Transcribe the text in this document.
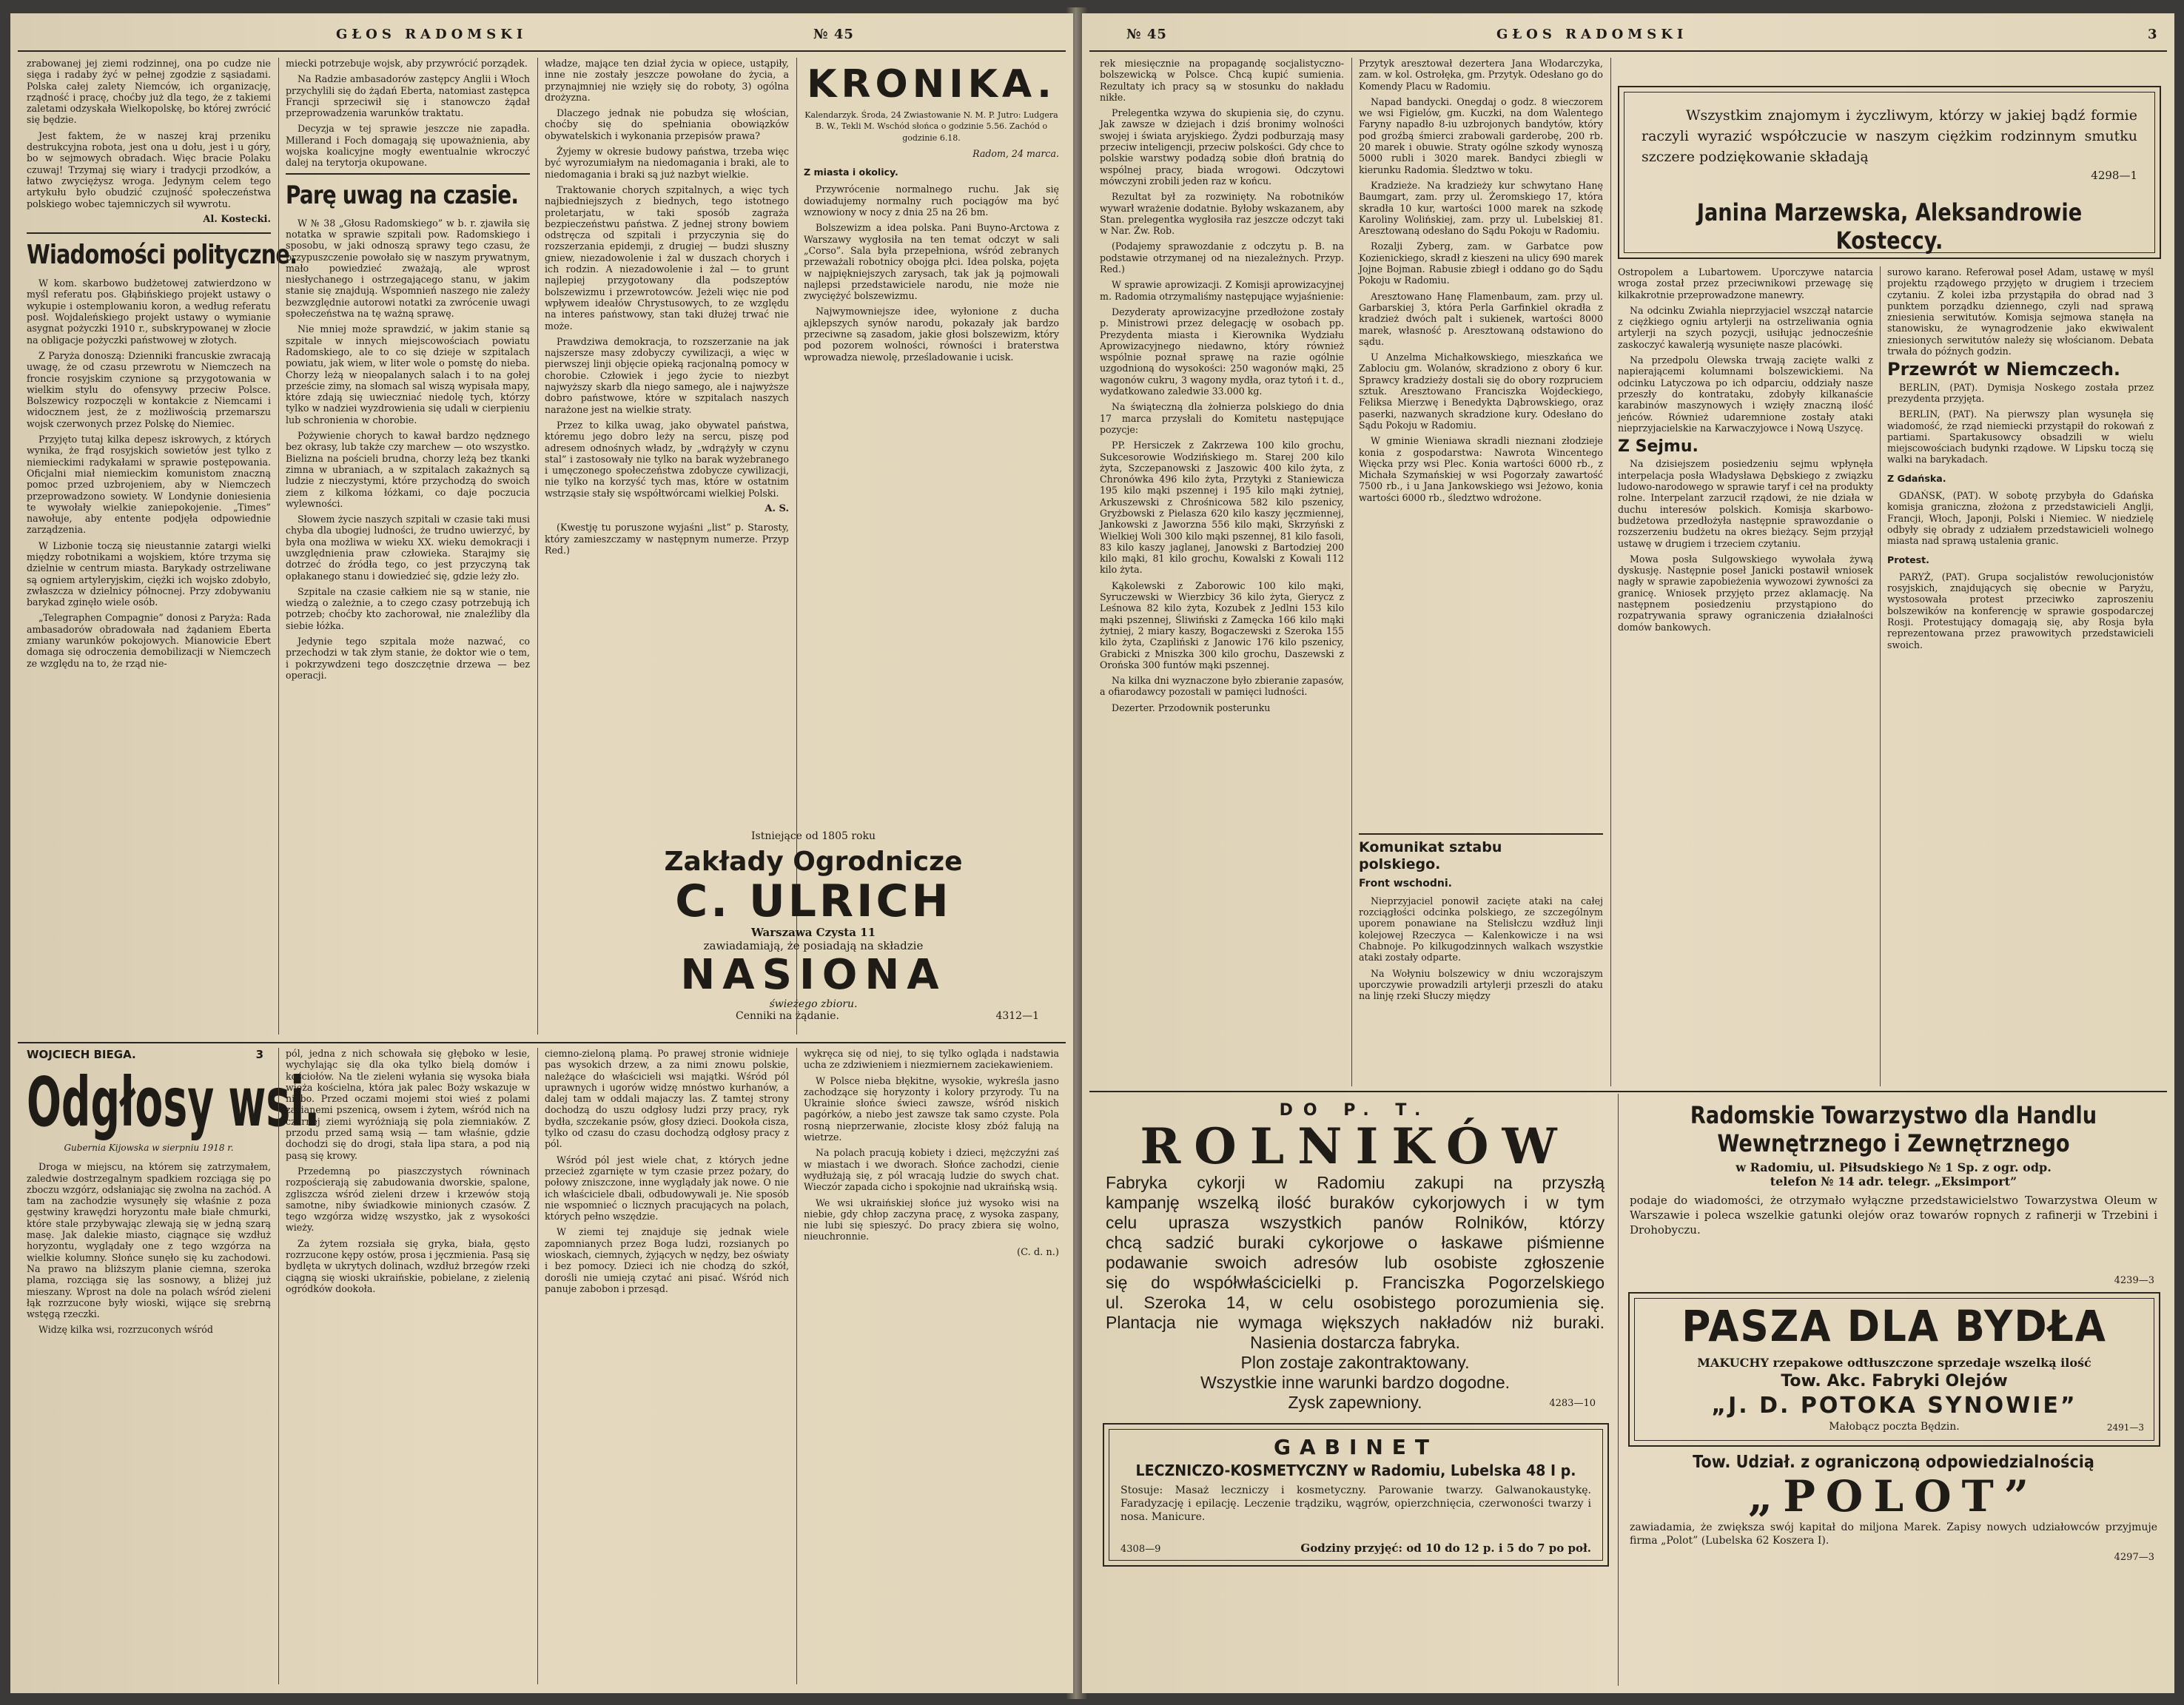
GŁOS RADOMSKI	№ 45

zrabowanej jej ziemi rodzinnej, ona po cudze nie sięga i radaby żyć w pełnej zgodzie z sąsiadami. Polska całej zalety Niemców, ich organizację, rządność i pracę, choćby już dla tego, że z takiemi zaletami odzyskała Wielkopolskę, bo której zwrócić się będzie.

Jest faktem, że w naszej kraj przeniku destrukcyjna robota, jest ona u dołu, jest i u góry, bo w sejmowych obradach. Więc bracie Polaku czuwaj! Trzymaj się wiary i tradycji przodków, a łatwo zwyciężysz wroga. Jedynym celem tego artykułu było obudzić czujność społeczeństwa polskiego wobec tajemniczych sił wywrotu.

Al. Kostecki.

Wiadomości polityczne.

W kom. skarbowo budżetowej zatwierdzono w myśl referatu pos. Głąbińskiego projekt ustawy o wykupie i ostemplowaniu koron, a według referatu posł. Wojdaleńskiego projekt ustawy o wymianie asygnat pożyczki 1910 r., subskrypowanej w złocie na obligacje pożyczki państwowej w złotych.

Z Paryża donoszą: Dzienniki francuskie zwracają uwagę, że od czasu przewrotu w Niemczech na froncie rosyjskim czynione są przygotowania w wielkim stylu do ofensywy przeciw Polsce. Bolszewicy rozpoczęli w kontakcie z Niemcami i widocznem jest, że z możliwością przemarszu wojsk czerwonych przez Polskę do Niemiec.

Przyjęto tutaj kilka depesz iskrowych, z których wynika, że frąd rosyjskich sowietów jest tylko z niemieckimi radykałami w sprawie postępowania. Oficjalni miał niemieckim komunistom znaczną pomoc przed uzbrojeniem, aby w Niemczech przeprowadzono sowiety. W Londynie doniesienia te wywołały wielkie zaniepokojenie. „Times” nawołuje, aby entente podjęła odpowiednie zarządzenia.

W Lizbonie toczą się nieustannie zatargi wielki między robotnikami a wojskiem, które trzyma się dzielnie w centrum miasta. Barykady ostrzeliwane są ogniem artyleryjskim, ciężki ich wojsko zdobyło, zwłaszcza w dzielnicy północnej. Przy zdobywaniu barykad zginęło wiele osób.

„Telegraphen Compagnie” donosi z Paryża: Rada ambasadorów obradowała nad żądaniem Eberta zmiany warunków pokojowych. Mianowicie Ebert domaga się odroczenia demobilizacji w Niemczech ze względu na to, że rząd nie-

miecki potrzebuje wojsk, aby przywrócić porządek.

Na Radzie ambasadorów zastępcy Anglii i Włoch przychylili się do żądań Eberta, natomiast zastępca Francji sprzeciwił się i stanowczo żądał przeprowadzenia warunków traktatu.

Decyzja w tej sprawie jeszcze nie zapadła. Millerand i Foch domagają się upoważnienia, aby wojska koalicyjne mogły ewentualnie wkroczyć dalej na terytorja okupowane.

Parę uwag na czasie.

W № 38 „Głosu Radomskiego” w b. r. zjawiła się notatka w sprawie szpitali pow. Radomskiego i sposobu, w jaki odnoszą sprawy tego czasu, że przypuszczenie powołało się w naszym prywatnym, mało powiedzieć zważają, ale wprost niesłychanego i ostrzegającego stanu, w jakim stanie się znajdują. Wspomnień naszego nie zależy bezwzględnie autorowi notatki za zwrócenie uwagi społeczeństwa na tę ważną sprawę.

Nie mniej może sprawdzić, w jakim stanie są szpitale w innych miejscowościach powiatu Radomskiego, ale to co się dzieje w szpitalach powiatu, jak wiem, w liter wole o pomstę do nieba. Chorzy leżą w nieopalanych salach i to na gołej przeście zimy, na słomach sal wiszą wypisała mapy, które zdają się uwieczniać niedolę tych, którzy tylko w nadziei wyzdrowienia się udali w cierpieniu lub schronienia w chorobie.

Pożywienie chorych to kawał bardzo nędznego bez okrasy, lub także czy marchew — oto wszystko. Bielizna na pościeli brudna, chorzy leżą bez tkanki zimna w ubraniach, a w szpitalach zakażnych są ludzie z nieczystymi, które przychodzą do swoich ziem z kilkoma łóżkami, co daje poczucia wylewności.

Słowem życie naszych szpitali w czasie taki musi chyba dla ubogiej ludności, że trudno uwierzyć, by była ona możliwa w wieku XX. wieku demokracji i uwzględnienia praw człowieka. Starajmy się dotrzeć do źródła tego, co jest przyczyną tak opłakanego stanu i dowiedzieć się, gdzie leży zło.

Szpitale na czasie całkiem nie są w stanie, nie wiedzą o zależnie, a to czego czasy potrzebują ich potrzeb; choćby kto zachorował, nie znaleźliby dla siebie łóżka.

Jedynie tego szpitala może nazwać, co przechodzi w tak złym stanie, że doktor wie o tem, i pokrzywdzeni tego doszczętnie drzewa — bez operacji.

władze, mające ten dział życia w opiece, ustąpiły, inne nie zostały jeszcze powołane do życia, a przynajmniej nie wzięły się do roboty, 3) ogólna drożyzna.

Dlaczego jednak nie pobudza się włościan, choćby się do spełniania obowiązków obywatelskich i wykonania przepisów prawa?

Żyjemy w okresie budowy państwa, trzeba więc być wyrozumiałym na niedomagania i braki, ale to niedomagania i braki są już nazbyt wielkie.

Traktowanie chorych szpitalnych, a więc tych najbiedniejszych z biednych, tego istotnego proletarjatu, w taki sposób zagraża bezpieczeństwu państwa. Z jednej strony bowiem odstręcza od szpitali i przyczynia się do rozszerzania epidemji, z drugiej — budzi słuszny gniew, niezadowolenie i żal w duszach chorych i ich rodzin. A niezadowolenie i żal — to grunt najlepiej przygotowany dla podszeptów bolszewizmu i przewrotowców. Jeżeli więc nie pod wpływem ideałów Chrystusowych, to ze względu na interes państwowy, stan taki dłużej trwać nie może.

Prawdziwa demokracja, to rozszerzanie na jak najszersze masy zdobyczy cywilizacji, a więc w pierwszej linji objęcie opieką racjonalną pomocy w chorobie. Człowiek i jego życie to niezbyt najwyższy skarb dla niego samego, ale i najwyższe dobro państwowe, które w szpitalach naszych narażone jest na wielkie straty.

Przez to kilka uwag, jako obywatel państwa, któremu jego dobro leży na sercu, piszę pod adresem odnośnych władz, by „wdrążyły w czynu stal” i zastosowały nie tylko na barak wyżebranego i umęczonego społeczeństwa zdobycze cywilizacji, nie tylko na korzyść tych mas, które w ostatnim wstrząsie stały się współtwórcami wielkiej Polski.

A. S.

(Kwestję tu poruszone wyjaśni „list” p. Starosty, który zamieszczamy w następnym numerze. Przyp Red.)

KRONIKA.

Kalendarzyk. Środa, 24 Zwiastowanie N. M. P. Jutro: Ludgera B. W., Tekli M. Wschód słońca o godzinie 5.56. Zachód o godzinie 6.18.

Radom, 24 marca.

Z miasta i okolicy.

Przywrócenie normalnego ruchu. Jak się dowiadujemy normalny ruch pociągów ma być wznowiony w nocy z dnia 25 na 26 bm.

Bolszewizm a idea polska. Pani Buyno-Arctowa z Warszawy wygłosiła na ten temat odczyt w sali „Corso”. Sala była przepełniona, wśród zebranych przeważali robotnicy obojga płci. Idea polska, pojęta w najpiękniejszych zarysach, tak jak ją pojmowali najlepsi przedstawiciele narodu, nie może nie zwyciężyć bolszewizmu.

Najwymowniejsze idee, wyłonione z ducha ajklepszych synów narodu, pokazały jak bardzo przeciwne są zasadom, jakie głosi bolszewizm, który pod pozorem wolności, równości i braterstwa wprowadza niewolę, prześladowanie i ucisk.

Istniejące od 1805 roku
Zakłady Ogrodnicze
C. ULRICH
Warszawa Czysta 11
zawiadamiają, że posiadają na składzie
NASIONA
świeżego zbioru.
Cenniki na żądanie.	4312—1
WOJCIECH BIEGA.	3
Odgłosy wsi.

Gubernia Kijowska w sierpniu 1918 r.

Droga w miejscu, na którem się zatrzymałem, zaledwie dostrzegalnym spadkiem rozciąga się po zboczu wzgórz, odsłaniając się zwolna na zachód. A tam na zachodzie wysunęły się właśnie z poza gęstwiny krawędzi horyzontu małe białe chmurki, które stale przybywając zlewają się w jedną szarą masę. Jak dalekie miasto, ciągnące się wzdłuż horyzontu, wyglądały one z tego wzgórza na wielkie kolumny. Słońce sunęło się ku zachodowi. Na prawo na bliższym planie ciemna, szeroka plama, rozciąga się las sosnowy, a bliżej już mieszany. Wprost na dole na polach wśród zieleni łąk rozrzucone były wioski, wijące się srebrną wstęgą rzeczki.

Widzę kilka wsi, rozrzuconych wśród

pól, jedna z nich schowała się głęboko w lesie, wychylając się dla oka tylko bielą domów i kościołów. Na tle zieleni wyłania się wysoka biała wieża kościelna, która jak palec Boży wskazuje w niebo. Przed oczami mojemi stoi wieś z polami zasianemi pszenicą, owsem i żytem, wśród nich na czarnej ziemi wyróżniają się pola ziemniaków. Z przodu przed samą wsią — tam właśnie, gdzie dochodzi się do drogi, stała lipa stara, a pod nią pasą się krowy.

Przedemną po piaszczystych równinach rozpościerają się zabudowania dworskie, spalone, zgliszcza wśród zieleni drzew i krzewów stoją samotne, niby świadkowie minionych czasów. Z tego wzgórza widzę wszystko, jak z wysokości wieży.

Za żytem rozsiała się gryka, biała, gęsto rozrzucone kępy ostów, prosa i jęczmienia. Pasą się bydlęta w ukrytych dolinach, wzdłuż brzegów rzeki ciągną się wioski ukraińskie, pobielane, z zielenią ogródków dookoła.

ciemno-zieloną plamą. Po prawej stronie widnieje pas wysokich drzew, a za nimi znowu polskie, należące do właścicieli wsi majątki. Wśród pól uprawnych i ugorów widzę mnóstwo kurhanów, a dalej tam w oddali majaczy las. Z tamtej strony dochodzą do uszu odgłosy ludzi przy pracy, ryk bydła, szczekanie psów, głosy dzieci. Dookoła cisza, tylko od czasu do czasu dochodzą odgłosy pracy z pól.

Wśród pól jest wiele chat, z których jedne przecież zgarnięte w tym czasie przez pożary, do połowy zniszczone, inne wyglądały jak nowe. O nie ich właściciele dbali, odbudowywali je. Nie sposób nie wspomnieć o licznych pracujących na polach, których pełno wszędzie.

W ziemi tej znajduje się jednak wiele zapomnianych przez Boga ludzi, rozsianych po wioskach, ciemnych, żyjących w nędzy, bez oświaty i bez pomocy. Dzieci ich nie chodzą do szkół, dorośli nie umieją czytać ani pisać. Wśród nich panuje zabobon i przesąd.

wykręca się od niej, to się tylko ogląda i nadstawia ucha ze zdziwieniem i niezmiernem zaciekawieniem.

W Polsce nieba błękitne, wysokie, wykreśla jasno zachodzące się horyzonty i kolory przyrody. Tu na Ukrainie słońce świeci zawsze, wśród niskich pagórków, a niebo jest zawsze tak samo czyste. Pola rosną nieprzerwanie, złociste kłosy zbóż falują na wietrze.

Na polach pracują kobiety i dzieci, mężczyźni zaś w miastach i we dworach. Słońce zachodzi, cienie wydłużają się, z pól wracają ludzie do swych chat. Wieczór zapada cicho i spokojnie nad ukraińską wsią.

We wsi ukraińskiej słońce już wysoko wisi na niebie, gdy chłop zaczyna pracę, z wysoka zaspany, nie lubi się spieszyć. Do pracy zbiera się wolno, nieuchronnie.

(C. d. n.)

№ 45	GŁOS RADOMSKI	3

rek miesięcznie na propagandę socjalistyczno-bolszewicką w Polsce. Chcą kupić sumienia. Rezultaty ich pracy są w stosunku do nakładu nikłe.

Prelegentka wzywa do skupienia się, do czynu. Jak zawsze w dziejach i dziś bronimy wolności swojej i świata aryjskiego. Żydzi podburzają masy przeciw inteligencji, przeciw polskości. Gdy chce to polskie warstwy podadzą sobie dłoń bratnią do wspólnej pracy, biada wrogowi. Odczytowi mówczyni zrobili jeden raz w końcu.

Rezultat był za rozwinięty. Na robotników wywarł wrażenie dodatnie. Byłoby wskazanem, aby Stan. prelegentka wygłosiła raz jeszcze odczyt taki w Nar. Żw. Rob.

(Podajemy sprawozdanie z odczytu p. B. na podstawie otrzymanej od na niezależnych. Przyp. Red.)

W sprawie aprowizacji. Z Komisji aprowizacyjnej m. Radomia otrzymaliśmy następujące wyjaśnienie:

Dezyderaty aprowizacyjne przedłożone zostały p. Ministrowi przez delegację w osobach pp. Prezydenta miasta i Kierownika Wydziału Aprowizacyjnego niedawno, który również wspólnie poznał sprawę na razie ogólnie uzgodnioną do wysokości: 250 wagonów mąki, 25 wagonów cukru, 3 wagony mydła, oraz tytoń i t. d., wydatkowano zaledwie 33.000 kg.

Na świąteczną dla żołnierza polskiego do dnia 17 marca przysłali do Komitetu następujące pozycje:

PP. Hersiczek z Zakrzewa 100 kilo grochu, Sukcesorowie Wodzińskiego m. Starej 200 kilo żyta, Szczepanowski z Jaszowic 400 kilo żyta, z Chronówka 496 kilo żyta, Przytyki z Staniewicza 195 kilo mąki pszennej i 195 kilo mąki żytniej, Arkuszewski z Chrośnicowa 582 kilo pszenicy, Gryżbowski z Pielasza 620 kilo kaszy jęczmiennej, Jankowski z Jaworzna 556 kilo mąki, Skrzyński z Wielkiej Woli 300 kilo mąki pszennej, 81 kilo fasoli, 83 kilo kaszy jaglanej, Janowski z Bartodziej 200 kilo mąki, 81 kilo grochu, Kowalski z Kowali 112 kilo żyta.

Kąkolewski z Zaborowic 100 kilo mąki, Syruczewski w Wierzbicy 36 kilo żyta, Gierycz z Leśnowa 82 kilo żyta, Kozubek z Jedlni 153 kilo mąki pszennej, Śliwiński z Zamęcka 166 kilo mąki żytniej, 2 miary kaszy, Bogaczewski z Szeroka 155 kilo żyta, Czapliński z Janowic 176 kilo pszenicy, Grabicki z Mniszka 300 kilo grochu, Daszewski z Orońska 300 funtów mąki pszennej.

Na kilka dni wyznaczone było zbieranie zapasów, a ofiarodawcy pozostali w pamięci ludności.

Dezerter. Przodownik posterunku

Przytyk aresztował dezertera Jana Włodarczyka, zam. w kol. Ostrołęka, gm. Przytyk. Odesłano go do Komendy Placu w Radomiu.

Napad bandycki. Onegdaj o godz. 8 wieczorem we wsi Figielów, gm. Kuczki, na dom Walentego Faryny napadło 8-iu uzbrojonych bandytów, który pod groźbą śmierci zrabowali garderobę, 200 rb. 20 marek i obuwie. Straty ogólne szkody wynoszą 5000 rubli i 3020 marek. Bandyci zbiegli w kierunku Radomia. Śledztwo w toku.

Kradzieże. Na kradzieży kur schwytano Hanę Baumgart, zam. przy ul. Żeromskiego 17, która skradła 10 kur, wartości 1000 marek na szkodę Karoliny Wolińskiej, zam. przy ul. Lubelskiej 81. Aresztowaną odesłano do Sądu Pokoju w Radomiu.

Rozalji Zyberg, zam. w Garbatce pow Kozienickiego, skradł z kieszeni na ulicy 690 marek Jojne Bojman. Rabusie zbiegł i oddano go do Sądu Pokoju w Radomiu.

Aresztowano Hanę Flamenbaum, zam. przy ul. Garbarskiej 3, która Perla Garfinkiel okradła z kradzież dwóch palt i sukienek, wartości 8000 marek, własność p. Aresztowaną odstawiono do sądu.

U Anzelma Michałkowskiego, mieszkańca we Zablociu gm. Wolanów, skradziono z obory 6 kur. Sprawcy kradzieży dostali się do obory rozpruciem sztuk. Aresztowano Franciszka Wojdeckiego, Feliksa Mierzwę i Benedykta Dąbrowskiego, oraz paserki, nazwanych skradzione kury. Odesłano do Sądu Pokoju w Radomiu.

W gminie Wieniawa skradli nieznani złodzieje konia z gospodarstwa: Nawrota Wincentego Więcka przy wsi Plec. Konia wartości 6000 rb., z Michała Szymańskiej w wsi Pogorzały zawartość 7500 rb., i u Jana Jankowskiego wsi Jeżowo, konia wartości 6000 rb., śledztwo wdrożone.

Komunikat sztabu

polskiego.

Front wschodni.

Nieprzyjaciel ponowił zacięte ataki na całej rozciągłości odcinka polskiego, ze szczególnym uporem ponawiane na Stelisłczu wzdłuż linji kolejowej Rzeczyca — Kalenkowicze i na wsi Chabnoje. Po kilkugodzinnych walkach wszystkie ataki zostały odparte.

Na Wołyniu bolszewicy w dniu wczorajszym uporczywie prowadzili artylerji przeszli do ataku na linję rzeki Słuczy między

Wszystkim znajomym i życzliwym, którzy w jakiej bądź formie raczyli wyrazić współczucie w naszym ciężkim rodzinnym smutku szczere podziękowanie składają
4298—1
Janina Marzewska, Aleksandrowie Kosteccy.

Ostropolem a Lubartowem. Uporczywe natarcia wroga został przez przeciwnikowi przewagę się kilkakrotnie przeprowadzone manewry.

Na odcinku Zwiahla nieprzyjaciel wszczął natarcie z ciężkiego ogniu artylerji na ostrzeliwania ognia artylerji na szych pozycji, usiłując jednocześnie zaskoczyć kawalerją wysunięte nasze placówki.

Na przedpolu Olewska trwają zacięte walki z napierającemi kolumnami bolszewickiemi. Na odcinku Latyczowa po ich odparciu, oddziały nasze przeszły do kontrataku, zdobyły kilkanaście karabinów maszynowych i wzięły znaczną ilość jeńców. Również udaremnione zostały ataki nieprzyjacielskie na Karwaczyjowce i Nową Uszycę.

Z Sejmu.

Na dzisiejszem posiedzeniu sejmu wpłynęła interpelacja posła Władysława Dębskiego z związku ludowo-narodowego w sprawie taryf i ceł na produkty rolne. Interpelant zarzucił rządowi, że nie działa w duchu interesów polskich. Komisja skarbowo-budżetowa przedłożyła następnie sprawozdanie o rozszerzeniu budżetu na okres bieżący. Sejm przyjął ustawę w drugiem i trzeciem czytaniu.

Mowa posła Sulgowskiego wywołała żywą dyskusję. Następnie poseł Janicki postawił wniosek nagły w sprawie zapobieżenia wywozowi żywności za granicę. Wniosek przyjęto przez aklamację. Na następnem posiedzeniu przystąpiono do rozpatrywania sprawy ograniczenia działalności domów bankowych.

surowo karano. Referował poseł Adam, ustawę w myśl projektu rządowego przyjęto w drugiem i trzeciem czytaniu. Z kolei izba przystąpiła do obrad nad 3 punktem porządku dziennego, czyli nad sprawą zniesienia serwitutów. Komisja sejmowa stanęła na stanowisku, że wynagrodzenie jako ekwiwalent zniesionych serwitutów należy się włościanom. Debata trwała do późnych godzin.

Przewrót w Niemczech.

BERLIN, (PAT). Dymisja Noskego została przez prezydenta przyjęta.

BERLIN, (PAT). Na pierwszy plan wysunęła się wiadomość, że rząd niemiecki przystąpił do rokowań z partiami. Spartakusowcy obsadzili w wielu miejscowościach budynki rządowe. W Lipsku toczą się walki na barykadach.

Z Gdańska.

GDAŃSK, (PAT). W sobotę przybyła do Gdańska komisja graniczna, złożona z przedstawicieli Anglji, Francji, Włoch, Japonji, Polski i Niemiec. W niedzielę odbyły się obrady z udziałem przedstawicieli wolnego miasta nad sprawą ustalenia granic.

Protest.

PARYŻ, (PAT). Grupa socjalistów rewolucjonistów rosyjskich, znajdujących się obecnie w Paryżu, wystosowała protest przeciwko zaproszeniu bolszewików na konferencję w sprawie gospodarczej Rosji. Protestujący domagają się, aby Rosja była reprezentowana przez prawowitych przedstawicieli swoich.

DO P. T.
ROLNIKÓW
Fabryka cykorji w Radomiu zakupi na przyszłą
kampanję wszelką ilość buraków cykorjowych i w tym
celu uprasza wszystkich panów Rolników, którzy
chcą sadzić buraki cykorjowe o łaskawe piśmienne
podawanie swoich adresów lub osobiste zgłoszenie
się do współwłaścicielki p. Franciszka Pogorzelskiego
ul. Szeroka 14, w celu osobistego porozumienia się.
Plantacja nie wymaga większych nakładów niż buraki.
Nasienia dostarcza fabryka.
Plon zostaje zakontraktowany.
Wszystkie inne warunki bardzo dogodne.
Zysk zapewniony.	4283—10
GABINET
LECZNICZO-KOSMETYCZNY w Radomiu, Lubelska 48 I p.
Stosuje: Masaż leczniczy i kosmetyczny. Parowanie twarzy. Galwanokaustykę. Faradyzację i epilację. Leczenie trądziku, wągrów, opierzchnięcia, czerwoności twarzy i nosa. Manicure.
4308—9	Godziny przyjęć: od 10 do 12 p. i 5 do 7 po poł.
Radomskie Towarzystwo dla Handlu
Wewnętrznego i Zewnętrznego
w Radomiu, ul. Piłsudskiego № 1 Sp. z ogr. odp.
telefon № 14 adr. telegr. „Eksimport”
podaje do wiadomości, że otrzymało wyłączne przedstawicielstwo Towarzystwa Oleum w Warszawie i poleca wszelkie gatunki olejów oraz towarów ropnych z rafinerji w Trzebini i Drohobyczu.
4239—3
PASZA DLA BYDŁA
MAKUCHY rzepakowe odtłuszczone sprzedaje wszelką ilość
Tow. Akc. Fabryki Olejów
„J. D. POTOKA SYNOWIE”
Małobącz poczta Będzin.	2491—3
Tow. Udział. z ograniczoną odpowiedzialnością
„POLOT”
zawiadamia, że zwiększa swój kapitał do miljona Marek. Zapisy nowych udziałowców przyjmuje firma „Polot” (Lubelska 62 Koszera I).
4297—3
